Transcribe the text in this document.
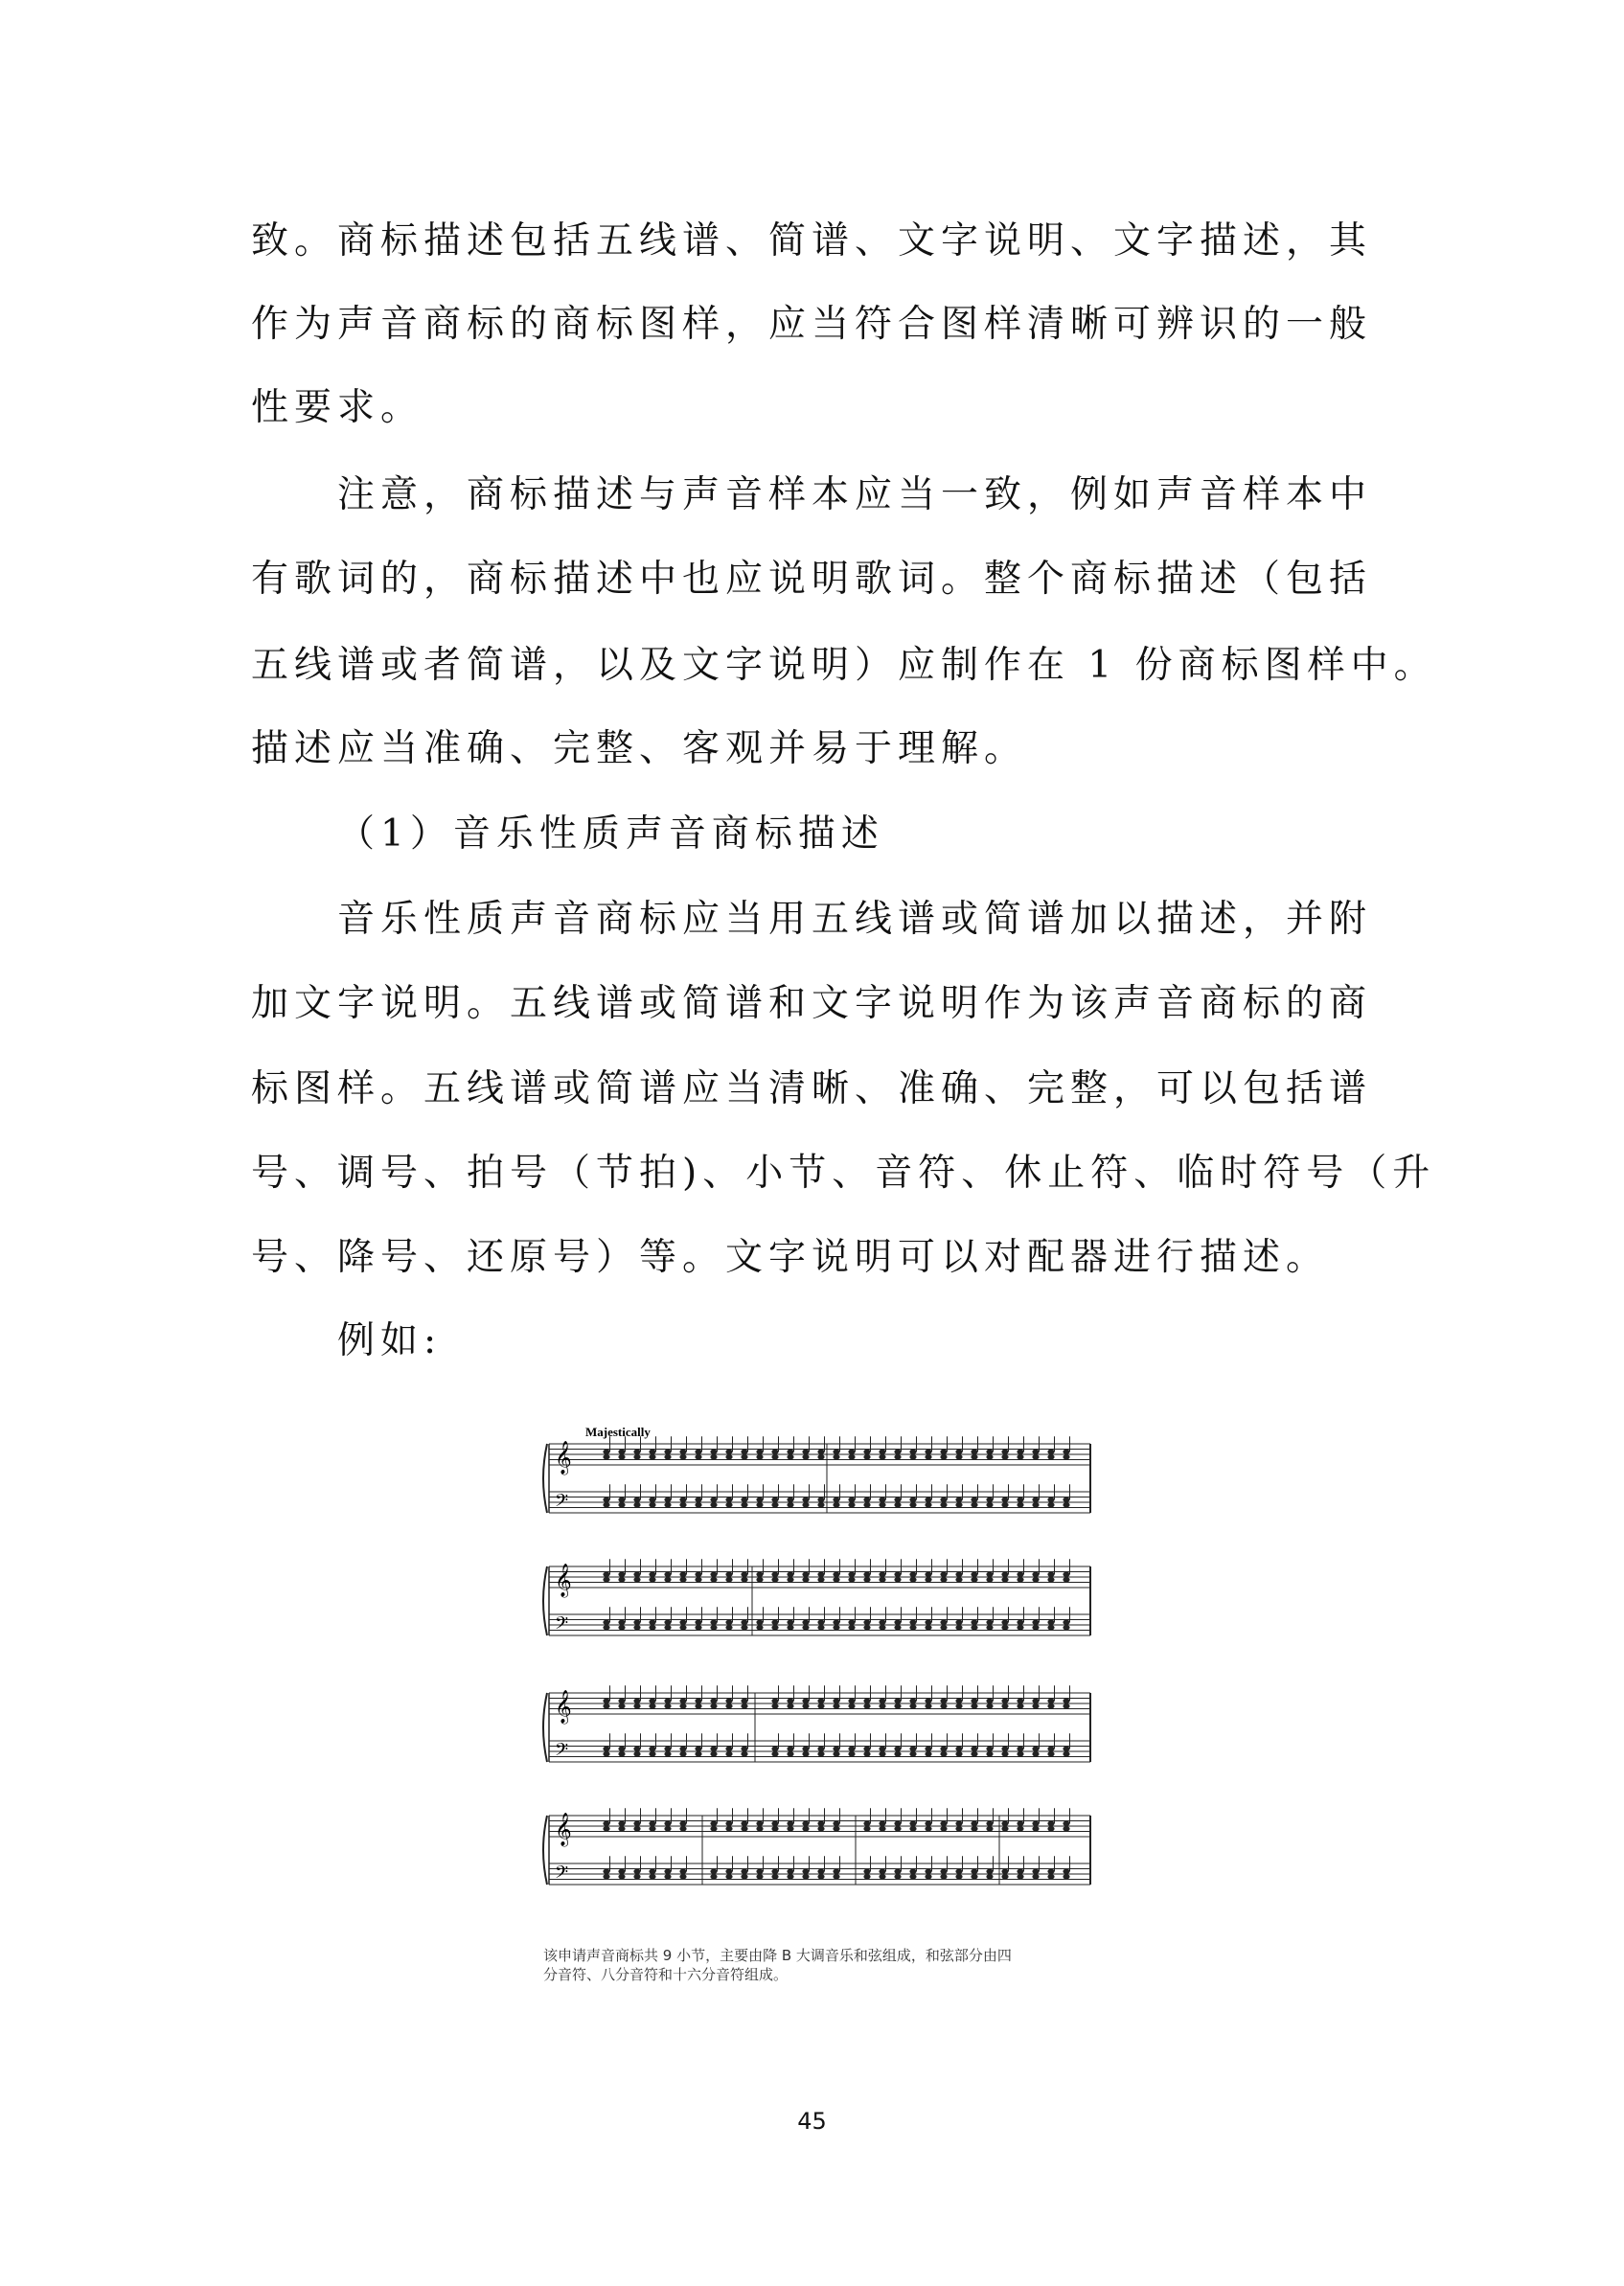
致。商标描述包括五线谱、简谱、文字说明、文字描述，其
作为声音商标的商标图样，应当符合图样清晰可辨识的一般
性要求。
注意，商标描述与声音样本应当一致，例如声音样本中
有歌词的，商标描述中也应说明歌词。整个商标描述（包括
五线谱或者简谱，以及文字说明）应制作在 1 份商标图样中。
描述应当准确、完整、客观并易于理解。
（1）音乐性质声音商标描述
音乐性质声音商标应当用五线谱或简谱加以描述，并附
加文字说明。五线谱或简谱和文字说明作为该声音商标的商
标图样。五线谱或简谱应当清晰、准确、完整，可以包括谱
号、调号、拍号（节拍)、小节、音符、休止符、临时符号（升
号、降号、还原号）等。文字说明可以对配器进行描述。
例如:
Majestically
𝄞
𝄢
𝄞
𝄢
𝄞
𝄢
𝄞
𝄢
该申请声音商标共 9 小节，主要由降 B 大调音乐和弦组成，和弦部分由四
分音符、八分音符和十六分音符组成。
45
